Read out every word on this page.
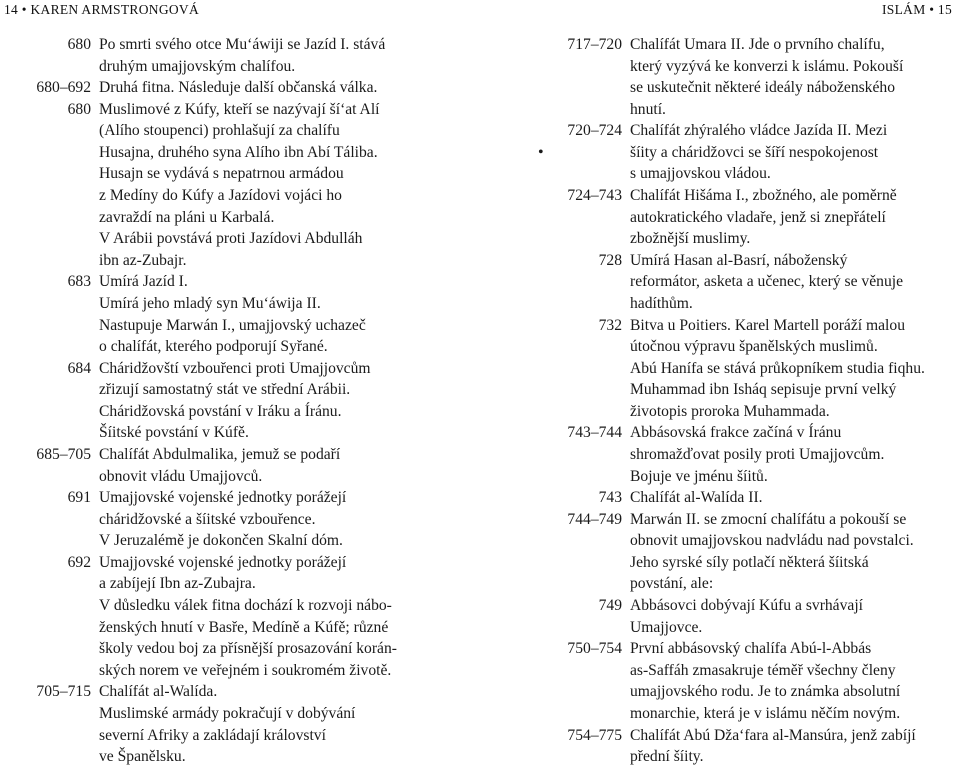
14 • KAREN ARMSTRONGOVÁ	ISLÁM • 15
680 Po smrti svého otce Mu‘áwiji se Jazíd I. stává
druhým umajjovským chalífou.
680–692 Druhá fitna. Následuje další občanská válka.
680 Muslimové z Kúfy, kteří se nazývají ší‘at Alí
(Alího stoupenci) prohlašují za chalífu
Husajna, druhého syna Alího ibn Abí Táliba.
Husajn se vydává s nepatrnou armádou
z Medíny do Kúfy a Jazídovi vojáci ho
zavraždí na pláni u Karbalá.
V Arábii povstává proti Jazídovi Abdulláh
ibn az-Zubajr.
683 Umírá Jazíd I.
Umírá jeho mladý syn Mu‘áwija II.
Nastupuje Marwán I., umajjovský uchazeč
o chalífát, kterého podporují Syřané.
684 Cháridžovští vzbouřenci proti Umajjovcům
zřizují samostatný stát ve střední Arábii.
Cháridžovská povstání v Iráku a Íránu.
Šíitské povstání v Kúfě.
685–705 Chalífát Abdulmalika, jemuž se podaří
obnovit vládu Umajjovců.
691 Umajjovské vojenské jednotky porážejí
cháridžovské a šíitské vzbouřence.
V Jeruzalémě je dokončen Skalní dóm.
692 Umajjovské vojenské jednotky porážejí
a zabíjejí Ibn az-Zubajra.
V důsledku válek fitna dochází k rozvoji nábo-
ženských hnutí v Basře, Medíně a Kúfě; různé
školy vedou boj za přísnější prosazování korán-
ských norem ve veřejném i soukromém životě.
705–715 Chalífát al-Walída.
Muslimské armády pokračují v dobývání
severní Afriky a zakládají království
ve Španělsku.
717–720 Chalífát Umara II. Jde o prvního chalífu,
který vyzývá ke konverzi k islámu. Pokouší
se uskutečnit některé ideály náboženského
hnutí.
720–724 Chalífát zhýralého vládce Jazída II. Mezi
šíity a cháridžovci se šíří nespokojenost
s umajjovskou vládou.
724–743 Chalífát Hišáma I., zbožného, ale poměrně
autokratického vladaře, jenž si znepřátelí
zbožnější muslimy.
728 Umírá Hasan al-Basrí, náboženský
reformátor, asketa a učenec, který se věnuje
hadíthům.
732 Bitva u Poitiers. Karel Martell poráží malou
útočnou výpravu španělských muslimů.
Abú Hanífa se stává průkopníkem studia fiqhu.
Muhammad ibn Isháq sepisuje první velký
životopis proroka Muhammada.
743–744 Abbásovská frakce začíná v Íránu
shromažďovat posily proti Umajjovcům.
Bojuje ve jménu šíitů.
743 Chalífát al-Walída II.
744–749 Marwán II. se zmocní chalífátu a pokouší se
obnovit umajjovskou nadvládu nad povstalci.
Jeho syrské síly potlačí některá šíitská
povstání, ale:
749 Abbásovci dobývají Kúfu a svrhávají
Umajjovce.
750–754 První abbásovský chalífa Abú-l-Abbás
as-Saffáh zmasakruje téměř všechny členy
umajjovského rodu. Je to známka absolutní
monarchie, která je v islámu něčím novým.
754–775 Chalífát Abú Dža‘fara al-Mansúra, jenž zabíjí
přední šíity.
•
